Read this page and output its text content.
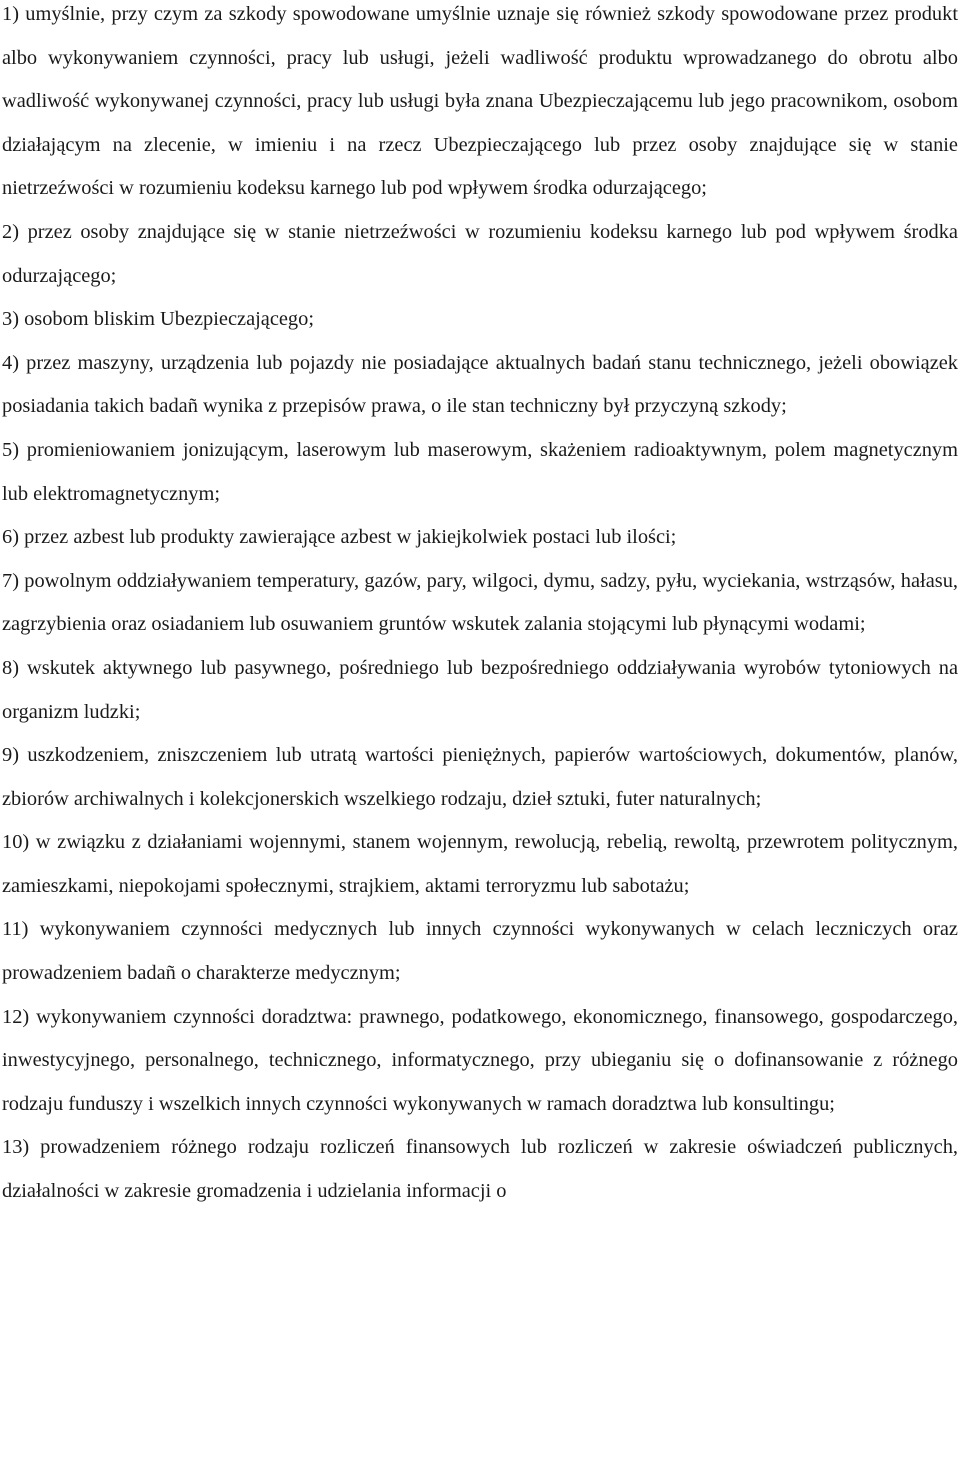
1) umyślnie, przy czym za szkody spowodowane umyślnie uznaje się również szkody spowodowane przez produkt albo wykonywaniem czynności, pracy lub usługi, jeżeli wadliwość produktu wprowadzanego do obrotu albo wadliwość wykonywanej czynności, pracy lub usługi była znana Ubezpieczającemu lub jego pracownikom, osobom działającym na zlecenie, w imieniu i na rzecz Ubezpieczającego lub przez osoby znajdujące się w stanie nietrzeźwości w rozumieniu kodeksu karnego lub pod wpływem środka odurzającego;

2) przez osoby znajdujące się w stanie nietrzeźwości w rozumieniu kodeksu karnego lub pod wpływem środka odurzającego;

3) osobom bliskim Ubezpieczającego;

4) przez maszyny, urządzenia lub pojazdy nie posiadające aktualnych badań stanu technicznego, jeżeli obowiązek posiadania takich badañ wynika z przepisów prawa, o ile stan techniczny był przyczyną szkody;

5) promieniowaniem jonizującym, laserowym lub maserowym, skażeniem radioaktywnym, polem magnetycznym lub elektromagnetycznym;

6) przez azbest lub produkty zawierające azbest w jakiejkolwiek postaci lub ilości;

7) powolnym oddziaływaniem temperatury, gazów, pary, wilgoci, dymu, sadzy, pyłu, wyciekania, wstrząsów, hałasu, zagrzybienia oraz osiadaniem lub osuwaniem gruntów wskutek zalania stojącymi lub płynącymi wodami;

8) wskutek aktywnego lub pasywnego, pośredniego lub bezpośredniego oddziaływania wyrobów tytoniowych na organizm ludzki;

9) uszkodzeniem, zniszczeniem lub utratą wartości pieniężnych, papierów wartościowych, dokumentów, planów, zbiorów archiwalnych i kolekcjonerskich wszelkiego rodzaju, dzieł sztuki, futer naturalnych;

10) w związku z działaniami wojennymi, stanem wojennym, rewolucją, rebelią, rewoltą, przewrotem politycznym, zamieszkami, niepokojami społecznymi, strajkiem, aktami terroryzmu lub sabotażu;

11) wykonywaniem czynności medycznych lub innych czynności wykonywanych w celach leczniczych oraz prowadzeniem badañ o charakterze medycznym;

12) wykonywaniem czynności doradztwa: prawnego, podatkowego, ekonomicznego, finansowego, gospodarczego, inwestycyjnego, personalnego, technicznego, informatycznego, przy ubieganiu się o dofinansowanie z różnego rodzaju funduszy i wszelkich innych czynności wykonywanych w ramach doradztwa lub konsultingu;

13) prowadzeniem różnego rodzaju rozliczeń finansowych lub rozliczeń w zakresie oświadczeń publicznych, działalności w zakresie gromadzenia i udzielania informacji o
